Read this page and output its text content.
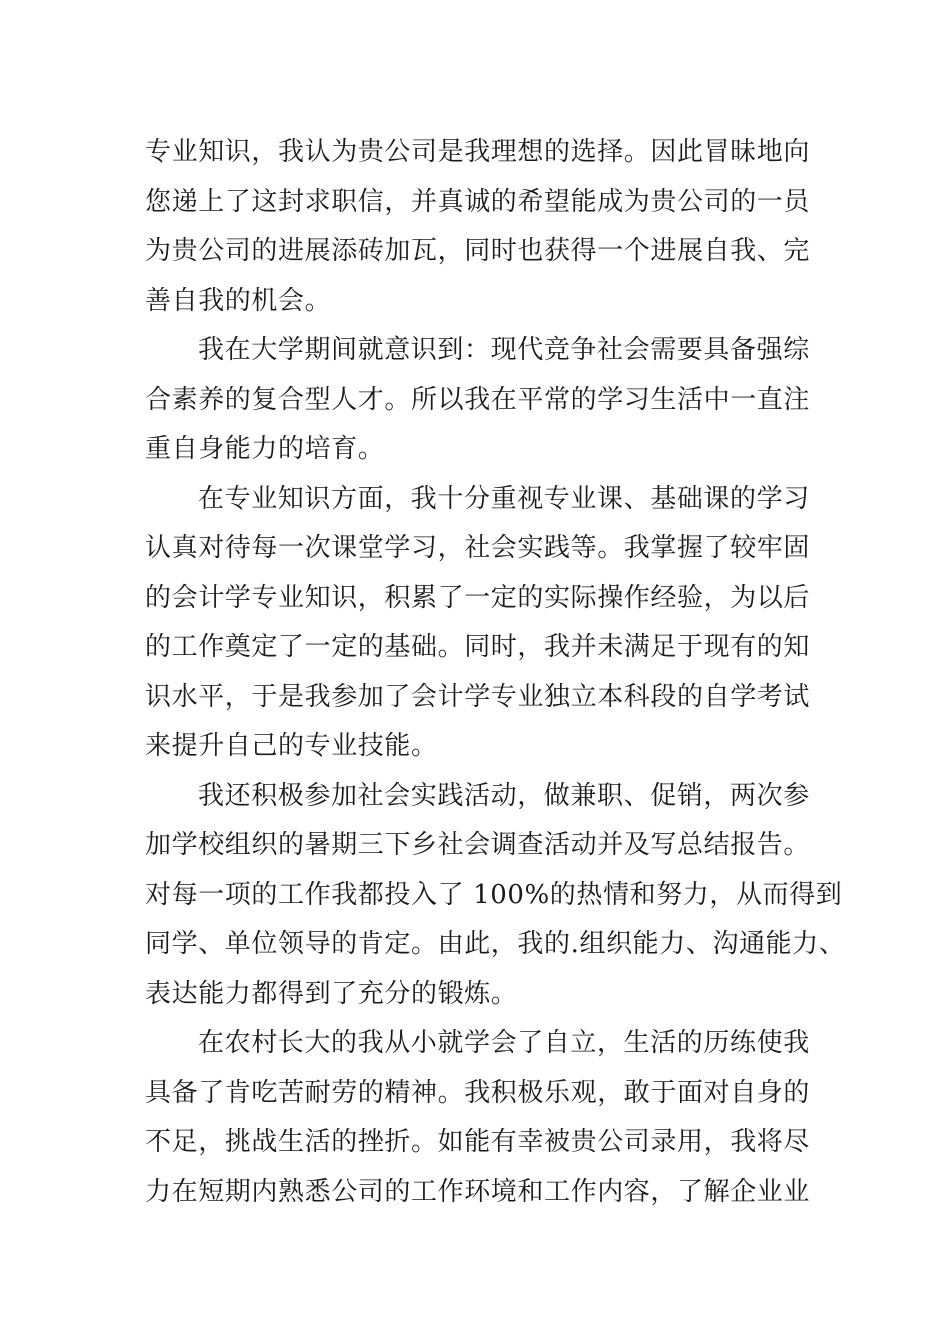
专业知识，我认为贵公司是我理想的选择。因此冒昧地向
您递上了这封求职信，并真诚的希望能成为贵公司的一员
为贵公司的进展添砖加瓦，同时也获得一个进展自我、完
善自我的机会。
我在大学期间就意识到：现代竞争社会需要具备强综
合素养的复合型人才。所以我在平常的学习生活中一直注
重自身能力的培育。
在专业知识方面，我十分重视专业课、基础课的学习
认真对待每一次课堂学习，社会实践等。我掌握了较牢固
的会计学专业知识，积累了一定的实际操作经验，为以后
的工作奠定了一定的基础。同时，我并未满足于现有的知
识水平，于是我参加了会计学专业独立本科段的自学考试
来提升自己的专业技能。
我还积极参加社会实践活动，做兼职、促销，两次参
加学校组织的暑期三下乡社会调查活动并及写总结报告。
对每一项的工作我都投入了 100%的热情和努力，从而得到
同学、单位领导的肯定。由此，我的.组织能力、沟通能力、
表达能力都得到了充分的锻炼。
在农村长大的我从小就学会了自立，生活的历练使我
具备了肯吃苦耐劳的精神。我积极乐观，敢于面对自身的
不足，挑战生活的挫折。如能有幸被贵公司录用，我将尽
力在短期内熟悉公司的工作环境和工作内容，了解企业业
